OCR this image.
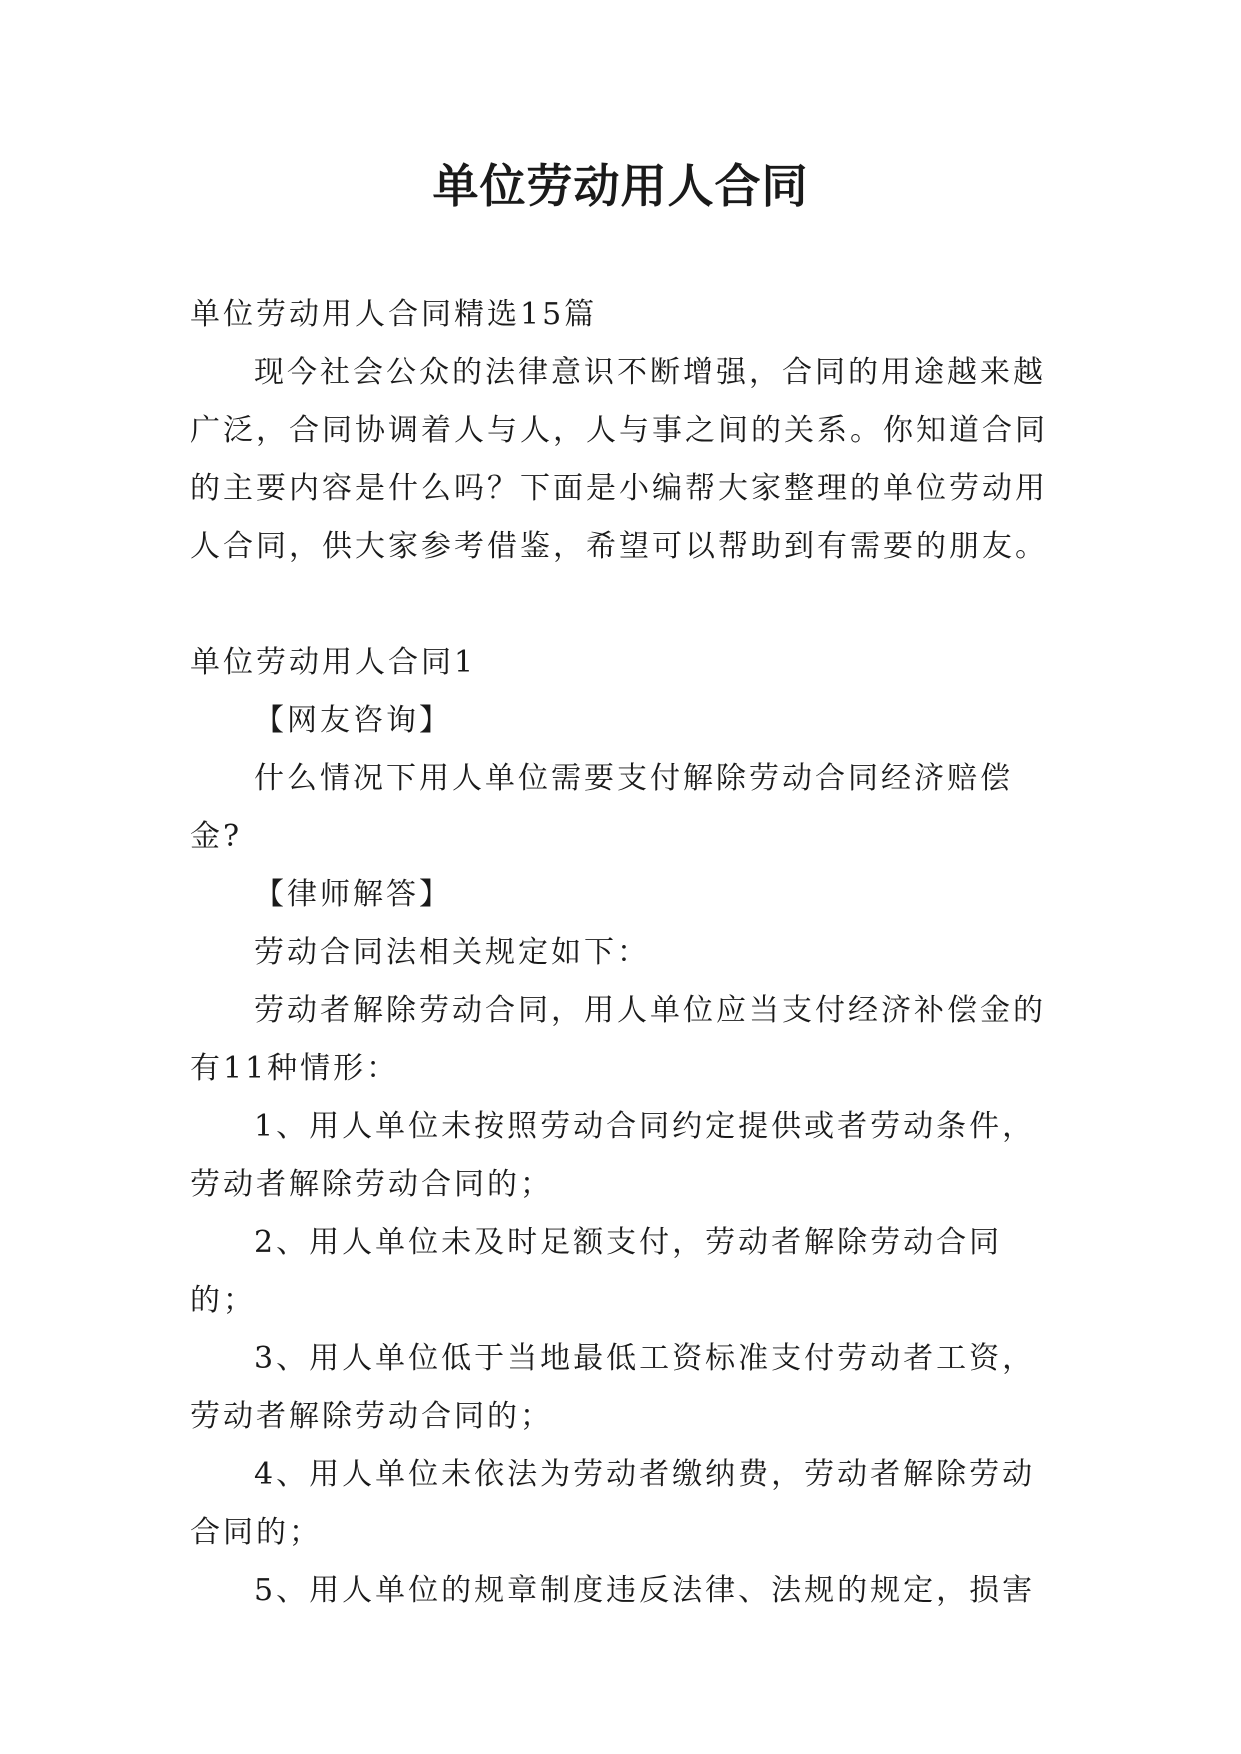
单位劳动用人合同

单位劳动用人合同精选15篇

现今社会公众的法律意识不断增强，合同的用途越来越广泛，合同协调着人与人，人与事之间的关系。你知道合同的主要内容是什么吗？下面是小编帮大家整理的单位劳动用人合同，供大家参考借鉴，希望可以帮助到有需要的朋友。

单位劳动用人合同1

【网友咨询】

什么情况下用人单位需要支付解除劳动合同经济赔偿金?

【律师解答】

劳动合同法相关规定如下：

劳动者解除劳动合同，用人单位应当支付经济补偿金的有11种情形：

1、用人单位未按照劳动合同约定提供或者劳动条件，劳动者解除劳动合同的；

2、用人单位未及时足额支付，劳动者解除劳动合同的；

3、用人单位低于当地最低工资标准支付劳动者工资，劳动者解除劳动合同的；

4、用人单位未依法为劳动者缴纳费，劳动者解除劳动合同的；

5、用人单位的规章制度违反法律、法规的规定，损害
